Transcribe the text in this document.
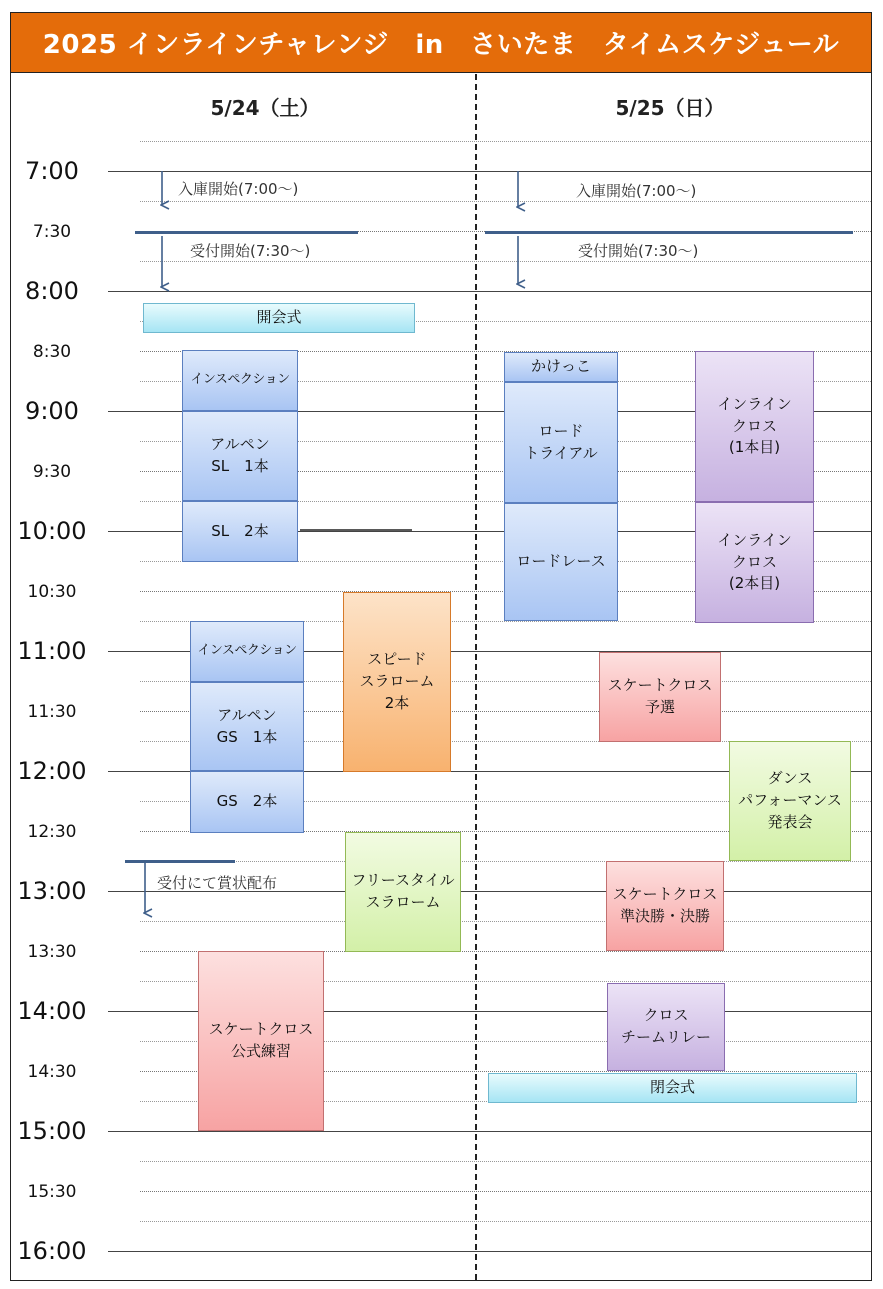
2025 インラインチャレンジ　in　さいたま　タイムスケジュール
5/24（土）	5/25（日）
7:00
7:30
8:00
8:30
9:00
9:30
10:00
10:30
11:00
11:30
12:00
12:30
13:00
13:30
14:00
14:30
15:00
15:30
16:00
入庫開始(7:00～)
受付開始(7:30～)
受付にて賞状配布
入庫開始(7:00～)
受付開始(7:30～)
開会式
インスペクション
アルペン
SL　1本
SL　2本
インスペクション
アルペン
GS　1本
GS　2本
スピード
スラローム
2本
フリースタイル
スラローム
スケートクロス
公式練習
かけっこ
ロード
トライアル
ロードレース
インライン
クロス
(1本目)
インライン
クロス
(2本目)
スケートクロス
予選
ダンス
パフォーマンス
発表会
スケートクロス
準決勝・決勝
クロス
チームリレー
閉会式
